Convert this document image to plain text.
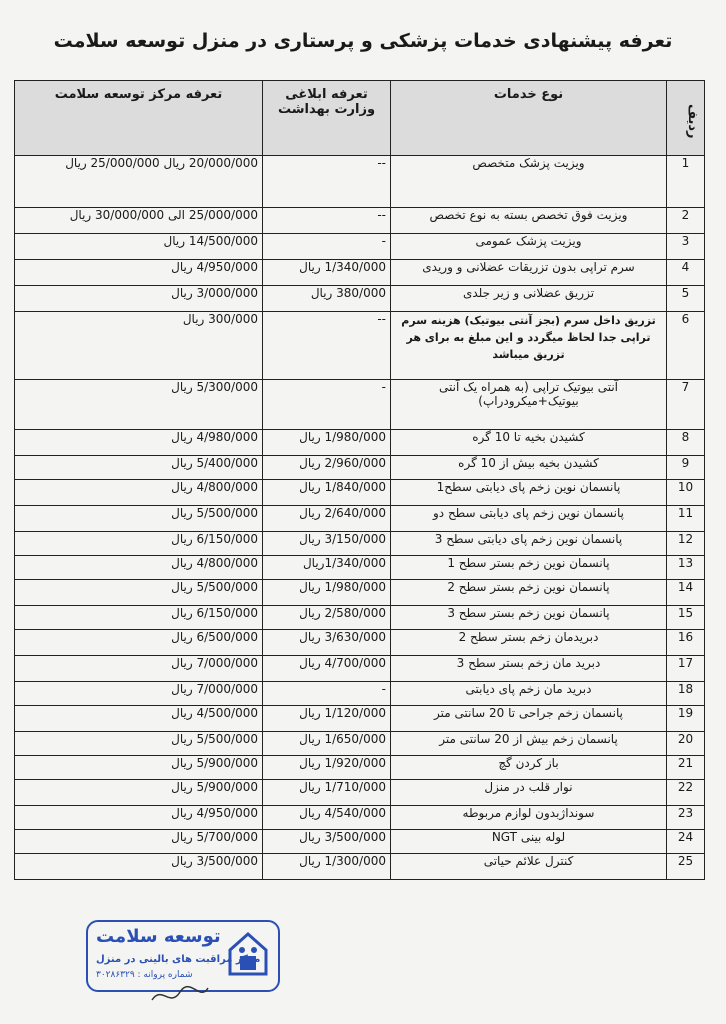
تعرفه پیشنهادی خدمات پزشکی و پرستاری در منزل توسعه سلامت
ردیف	نوع خدمات	تعرفه ابلاغی وزارت بهداشت	تعرفه مرکز توسعه سلامت
1	ویزیت پزشک متخصص	--	20/000/000 ریال 25/000/000 ریال
2	ویزیت فوق تخصص بسته به نوع تخصص	--	25/000/000 الی 30/000/000 ریال
3	ویزیت پزشک عمومی	-	14/500/000 ریال
4	سرم تراپی بدون تزریقات عضلانی و وریدی	1/340/000 ریال	4/950/000 ریال
5	تزریق عضلانی و زیر جلدی	380/000 ریال	3/000/000 ریال
6	تزریق داخل سرم (بجز آنتی بیوتیک) هزینه سرم تراپی جدا لحاظ میگردد و این مبلغ به برای هر تزریق میباشد	--	300/000 ریال
7	آنتی بیوتیک تراپی (به همراه یک آنتی بیوتیک+میکرودراپ)	-	5/300/000 ریال
8	کشیدن بخیه تا 10 گره	1/980/000 ریال	4/980/000 ریال
9	کشیدن بخیه بیش از 10 گره	2/960/000 ریال	5/400/000 ریال
10	پانسمان نوین زخم پای دیابتی سطح1	1/840/000 ریال	4/800/000 ریال
11	پانسمان نوین زخم پای دیابتی سطح دو	2/640/000 ریال	5/500/000 ریال
12	پانسمان نوین زخم پای دیابتی سطح 3	3/150/000 ریال	6/150/000 ریال
13	پانسمان نوین زخم بستر سطح 1	1/340/000ریال	4/800/000 ریال
14	پانسمان نوین زخم بستر سطح 2	1/980/000 ریال	5/500/000 ریال
15	پانسمان نوین زخم بستر سطح 3	2/580/000 ریال	6/150/000 ریال
16	دبریدمان زخم بستر سطح 2	3/630/000 ریال	6/500/000 ریال
17	دبرید مان زخم بستر سطح 3	4/700/000 ریال	7/000/000 ریال
18	دبرید مان زخم پای دیابتی	-	7/000/000 ریال
19	پانسمان زخم جراحی تا 20 سانتی متر	1/120/000 ریال	4/500/000 ریال
20	پانسمان زخم بیش از 20 سانتی متر	1/650/000 ریال	5/500/000 ریال
21	باز کردن گچ	1/920/000 ریال	5/900/000 ریال
22	نوار قلب در منزل	1/710/000 ریال	5/900/000 ریال
23	سونداژبدون لوازم مربوطه	4/540/000 ریال	4/950/000 ریال
24	لوله بینی NGT	3/500/000 ریال	5/700/000 ریال
25	کنترل علائم حیاتی	1/300/000 ریال	3/500/000 ریال
توسعه سلامت
مرکز مراقبت های بالینی در منزل
شماره پروانه : ۳۰۲۸۶۳۲۹
